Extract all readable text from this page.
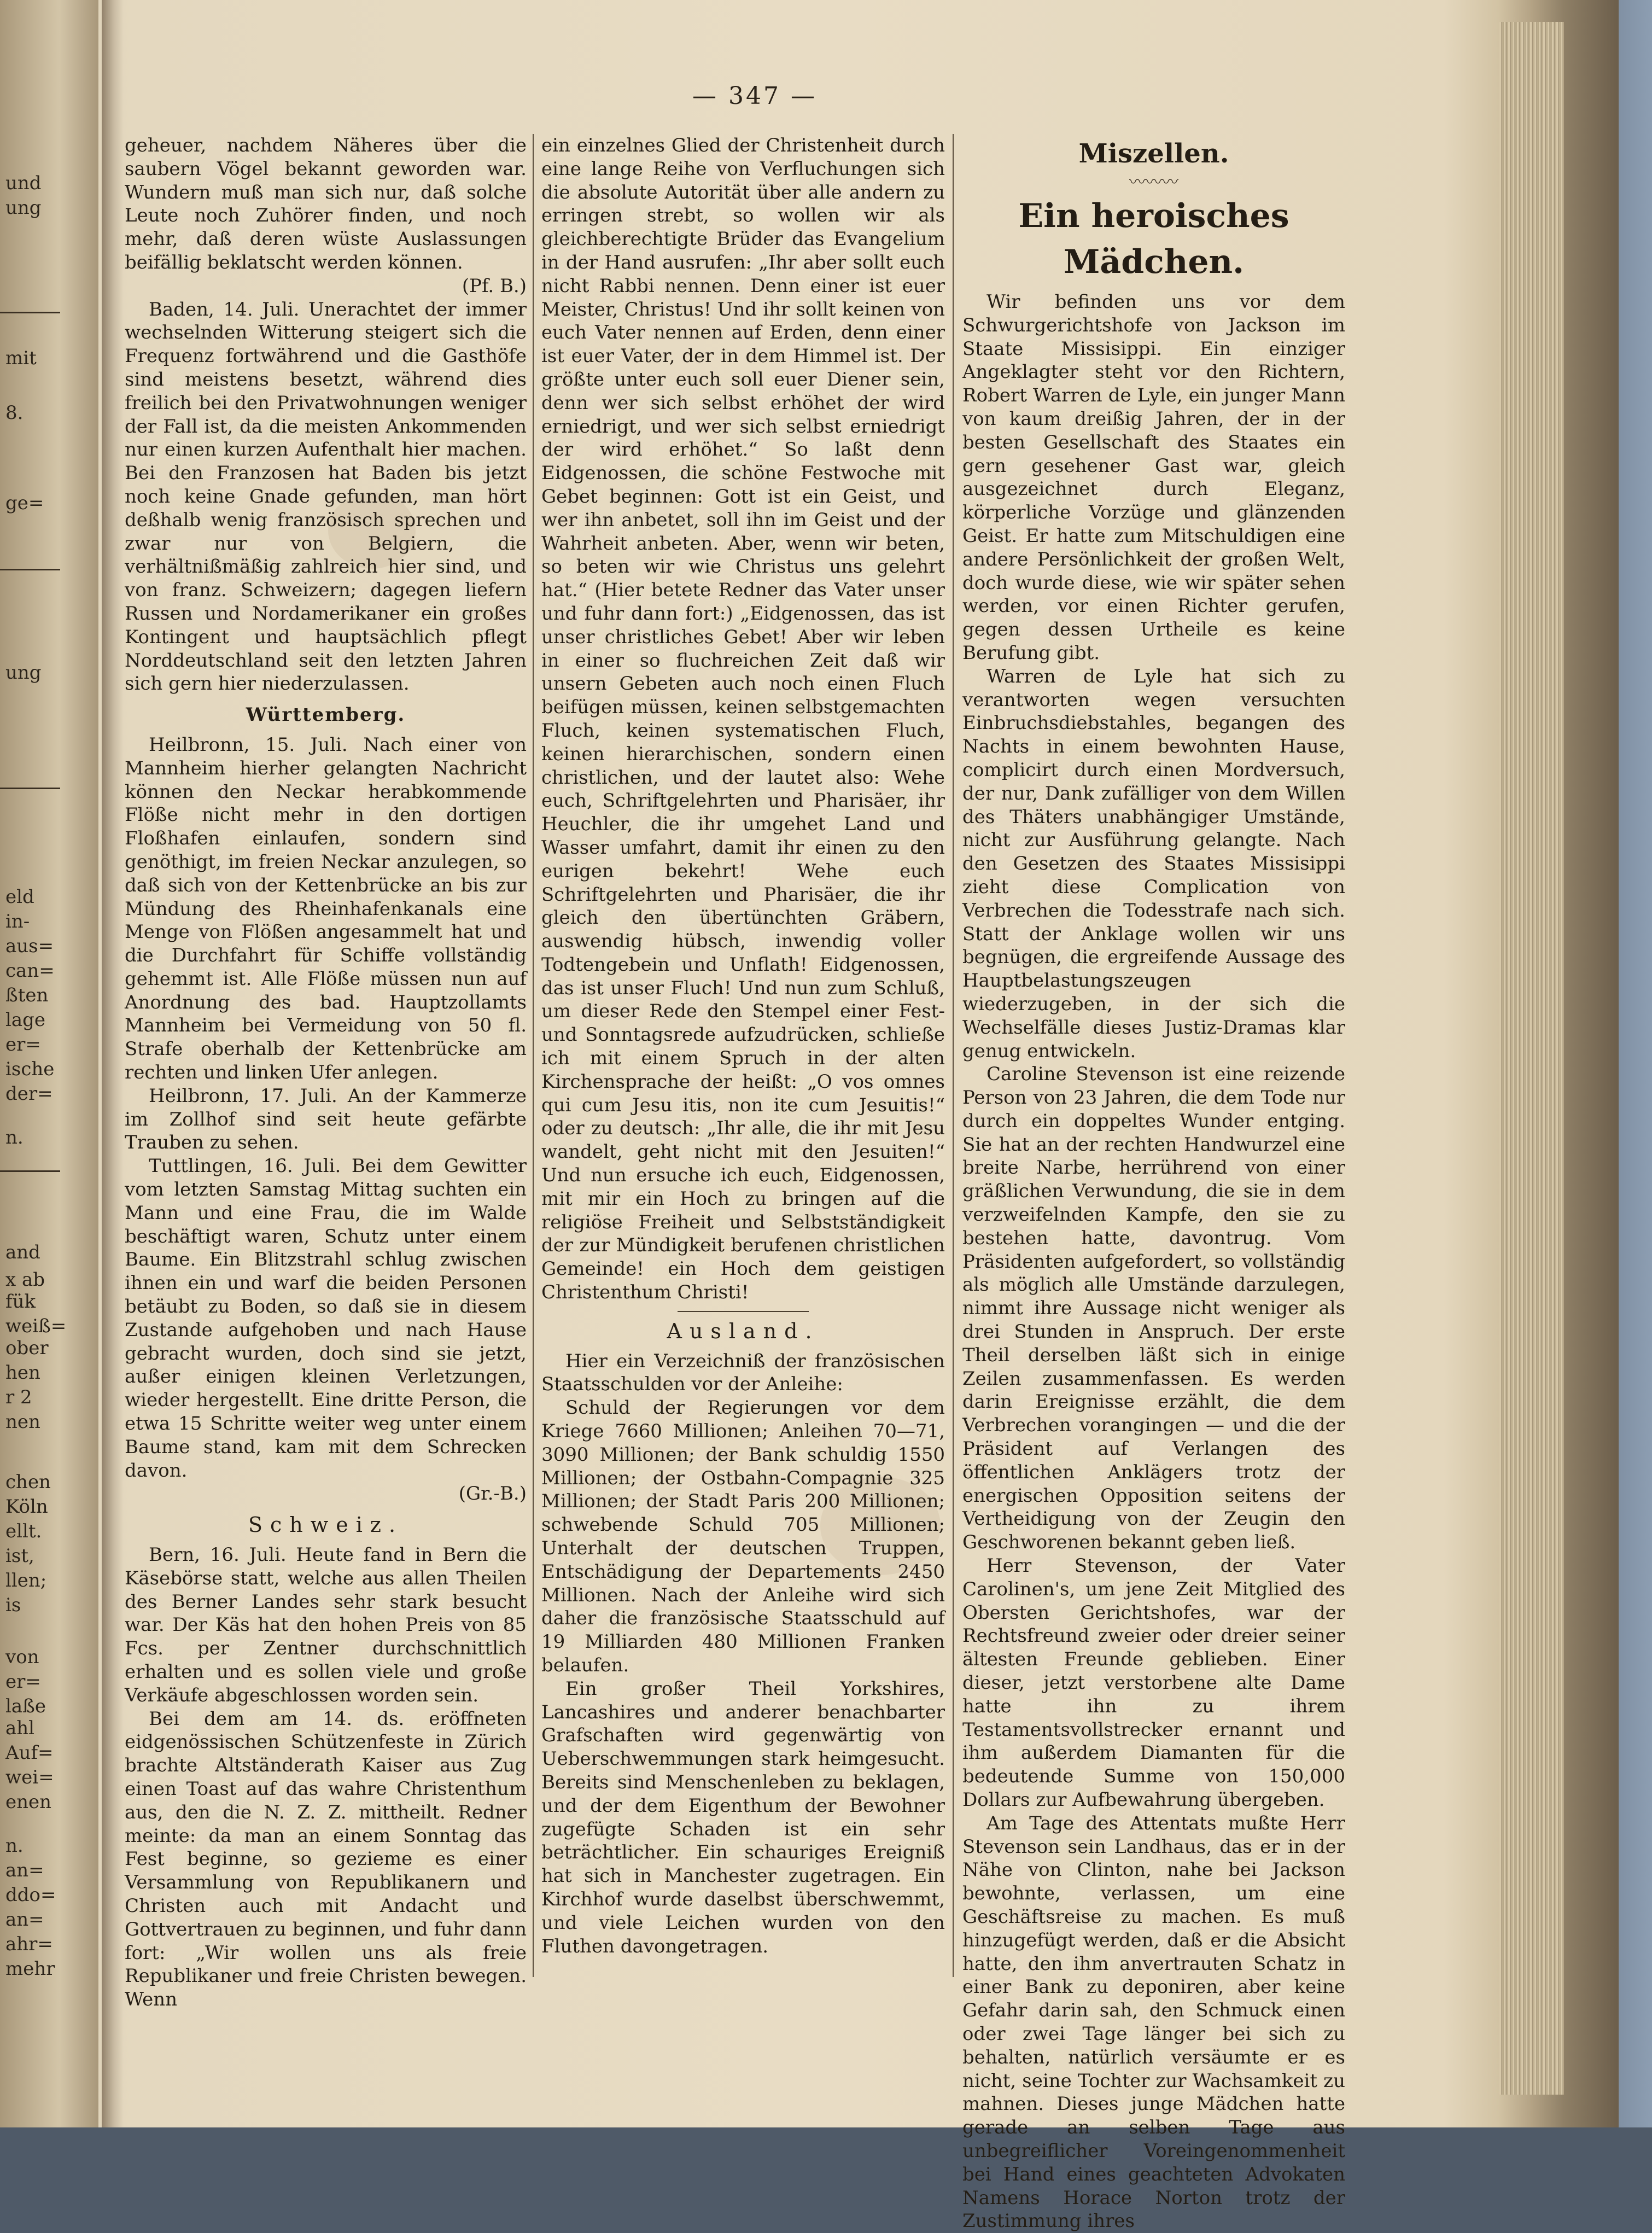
und
ung
mit
8.
ge=
ung
eld
in-
aus=
can=
ßten
lage
er=
ische
der=
n.
and
x ab
fük
weiß=
ober
hen
r 2
nen
chen
Köln
ellt.
ist,
llen;
is
von
er=
laße
ahl
Auf=
wei=
enen
n.
an=
ddo=
an=
ahr=
mehr
— 347 —

geheuer, nachdem Näheres über die saubern Vögel bekannt geworden war. Wundern muß man sich nur, daß solche Leute noch Zuhörer finden, und noch mehr, daß deren wüste Auslassungen beifällig beklatscht werden können.
(Pf. B.)

Baden, 14. Juli. Unerachtet der immer wechselnden Witterung steigert sich die Frequenz fortwährend und die Gasthöfe sind meistens besetzt, während dies freilich bei den Privatwohnungen weniger der Fall ist, da die meisten Ankommenden nur einen kurzen Aufenthalt hier machen. Bei den Franzosen hat Baden bis jetzt noch keine Gnade gefunden, man hört deßhalb wenig französisch sprechen und zwar nur von Belgiern, die verhältnißmäßig zahlreich hier sind, und von franz. Schweizern; dagegen liefern Russen und Nordamerikaner ein großes Kontingent und hauptsächlich pflegt Norddeutschland seit den letzten Jahren sich gern hier niederzulassen.

Württemberg.

Heilbronn, 15. Juli. Nach einer von Mannheim hierher gelangten Nachricht können den Neckar herabkommende Flöße nicht mehr in den dortigen Floßhafen einlaufen, sondern sind genöthigt, im freien Neckar anzulegen, so daß sich von der Kettenbrücke an bis zur Mündung des Rheinhafenkanals eine Menge von Flößen angesammelt hat und die Durchfahrt für Schiffe vollständig gehemmt ist. Alle Flöße müssen nun auf Anordnung des bad. Hauptzollamts Mannheim bei Vermeidung von 50 fl. Strafe oberhalb der Kettenbrücke am rechten und linken Ufer anlegen.

Heilbronn, 17. Juli. An der Kammerze im Zollhof sind seit heute gefärbte Trauben zu sehen.

Tuttlingen, 16. Juli. Bei dem Gewitter vom letzten Samstag Mittag suchten ein Mann und eine Frau, die im Walde beschäftigt waren, Schutz unter einem Baume. Ein Blitzstrahl schlug zwischen ihnen ein und warf die beiden Personen betäubt zu Boden, so daß sie in diesem Zustande aufgehoben und nach Hause gebracht wurden, doch sind sie jetzt, außer einigen kleinen Verletzungen, wieder hergestellt. Eine dritte Person, die etwa 15 Schritte weiter weg unter einem Baume stand, kam mit dem Schrecken davon.
(Gr.-B.)

Schweiz.

Bern, 16. Juli. Heute fand in Bern die Käsebörse statt, welche aus allen Theilen des Berner Landes sehr stark besucht war. Der Käs hat den hohen Preis von 85 Fcs. per Zentner durchschnittlich erhalten und es sollen viele und große Verkäufe abgeschlossen worden sein.

Bei dem am 14. ds. eröffneten eidgenössischen Schützenfeste in Zürich brachte Altständerath Kaiser aus Zug einen Toast auf das wahre Christenthum aus, den die N. Z. Z. mittheilt. Redner meinte: da man an einem Sonntag das Fest beginne, so gezieme es einer Versammlung von Republikanern und Christen auch mit Andacht und Gottvertrauen zu beginnen, und fuhr dann fort: „Wir wollen uns als freie Republikaner und freie Christen bewegen. Wenn

ein einzelnes Glied der Christenheit durch eine lange Reihe von Verfluchungen sich die absolute Autorität über alle andern zu erringen strebt, so wollen wir als gleichberechtigte Brüder das Evangelium in der Hand ausrufen: „Ihr aber sollt euch nicht Rabbi nennen. Denn einer ist euer Meister, Christus! Und ihr sollt keinen von euch Vater nennen auf Erden, denn einer ist euer Vater, der in dem Himmel ist. Der größte unter euch soll euer Diener sein, denn wer sich selbst erhöhet der wird erniedrigt, und wer sich selbst erniedrigt der wird erhöhet.“ So laßt denn Eidgenossen, die schöne Festwoche mit Gebet beginnen: Gott ist ein Geist, und wer ihn anbetet, soll ihn im Geist und der Wahrheit anbeten. Aber, wenn wir beten, so beten wir wie Christus uns gelehrt hat.“ (Hier betete Redner das Vater unser und fuhr dann fort:) „Eidgenossen, das ist unser christliches Gebet! Aber wir leben in einer so fluchreichen Zeit daß wir unsern Gebeten auch noch einen Fluch beifügen müssen, keinen selbstgemachten Fluch, keinen systematischen Fluch, keinen hierarchischen, sondern einen christlichen, und der lautet also: Wehe euch, Schriftgelehrten und Pharisäer, ihr Heuchler, die ihr umgehet Land und Wasser umfahrt, damit ihr einen zu den eurigen bekehrt! Wehe euch Schriftgelehrten und Pharisäer, die ihr gleich den übertünchten Gräbern, auswendig hübsch, inwendig voller Todtengebein und Unflath! Eidgenossen, das ist unser Fluch! Und nun zum Schluß, um dieser Rede den Stempel einer Fest- und Sonntagsrede aufzudrücken, schließe ich mit einem Spruch in der alten Kirchensprache der heißt: „O vos omnes qui cum Jesu itis, non ite cum Jesuitis!“ oder zu deutsch: „Ihr alle, die ihr mit Jesu wandelt, geht nicht mit den Jesuiten!“ Und nun ersuche ich euch, Eidgenossen, mit mir ein Hoch zu bringen auf die religiöse Freiheit und Selbstständigkeit der zur Mündigkeit berufenen christlichen Gemeinde! ein Hoch dem geistigen Christenthum Christi!

Ausland.

Hier ein Verzeichniß der französischen Staatsschulden vor der Anleihe:

Schuld der Regierungen vor dem Kriege 7660 Millionen; Anleihen 70—71, 3090 Millionen; der Bank schuldig 1550 Millionen; der Ostbahn-Compagnie 325 Millionen; der Stadt Paris 200 Millionen; schwebende Schuld 705 Millionen; Unterhalt der deutschen Truppen, Entschädigung der Departements 2450 Millionen. Nach der Anleihe wird sich daher die französische Staatsschuld auf 19 Milliarden 480 Millionen Franken belaufen.

Ein großer Theil Yorkshires, Lancashires und anderer benachbarter Grafschaften wird gegenwärtig von Ueberschwemmungen stark heimgesucht. Bereits sind Menschenleben zu beklagen, und der dem Eigenthum der Bewohner zugefügte Schaden ist ein sehr beträchtlicher. Ein schauriges Ereigniß hat sich in Manchester zugetragen. Ein Kirchhof wurde daselbst überschwemmt, und viele Leichen wurden von den Fluthen davongetragen.

Miszellen.
〰〰〰
Ein heroisches Mädchen.

Wir befinden uns vor dem Schwurgerichtshofe von Jackson im Staate Missisippi. Ein einziger Angeklagter steht vor den Richtern, Robert Warren de Lyle, ein junger Mann von kaum dreißig Jahren, der in der besten Gesellschaft des Staates ein gern gesehener Gast war, gleich ausgezeichnet durch Eleganz, körperliche Vorzüge und glänzenden Geist. Er hatte zum Mitschuldigen eine andere Persönlichkeit der großen Welt, doch wurde diese, wie wir später sehen werden, vor einen Richter gerufen, gegen dessen Urtheile es keine Berufung gibt.

Warren de Lyle hat sich zu verantworten wegen versuchten Einbruchsdiebstahles, begangen des Nachts in einem bewohnten Hause, complicirt durch einen Mordversuch, der nur, Dank zufälliger von dem Willen des Thäters unabhängiger Umstände, nicht zur Ausführung gelangte. Nach den Gesetzen des Staates Missisippi zieht diese Complication von Verbrechen die Todesstrafe nach sich. Statt der Anklage wollen wir uns begnügen, die ergreifende Aussage des Hauptbelastungszeugen wiederzugeben, in der sich die Wechselfälle dieses Justiz-Dramas klar genug entwickeln.

Caroline Stevenson ist eine reizende Person von 23 Jahren, die dem Tode nur durch ein doppeltes Wunder entging. Sie hat an der rechten Handwurzel eine breite Narbe, herrührend von einer gräßlichen Verwundung, die sie in dem verzweifelnden Kampfe, den sie zu bestehen hatte, davontrug. Vom Präsidenten aufgefordert, so vollständig als möglich alle Umstände darzulegen, nimmt ihre Aussage nicht weniger als drei Stunden in Anspruch. Der erste Theil derselben läßt sich in einige Zeilen zusammenfassen. Es werden darin Ereignisse erzählt, die dem Verbrechen vorangingen — und die der Präsident auf Verlangen des öffentlichen Anklägers trotz der energischen Opposition seitens der Vertheidigung von der Zeugin den Geschworenen bekannt geben ließ.

Herr Stevenson, der Vater Carolinen's, um jene Zeit Mitglied des Obersten Gerichtshofes, war der Rechtsfreund zweier oder dreier seiner ältesten Freunde geblieben. Einer dieser, jetzt verstorbene alte Dame hatte ihn zu ihrem Testamentsvollstrecker ernannt und ihm außerdem Diamanten für die bedeutende Summe von 150,000 Dollars zur Aufbewahrung übergeben.

Am Tage des Attentats mußte Herr Stevenson sein Landhaus, das er in der Nähe von Clinton, nahe bei Jackson bewohnte, verlassen, um eine Geschäftsreise zu machen. Es muß hinzugefügt werden, daß er die Absicht hatte, den ihm anvertrauten Schatz in einer Bank zu deponiren, aber keine Gefahr darin sah, den Schmuck einen oder zwei Tage länger bei sich zu behalten, natürlich versäumte er es nicht, seine Tochter zur Wachsamkeit zu mahnen. Dieses junge Mädchen hatte gerade an selben Tage aus unbegreiflicher Voreingenommenheit bei Hand eines geachteten Advokaten Namens Horace Norton trotz der Zustimmung ihres
